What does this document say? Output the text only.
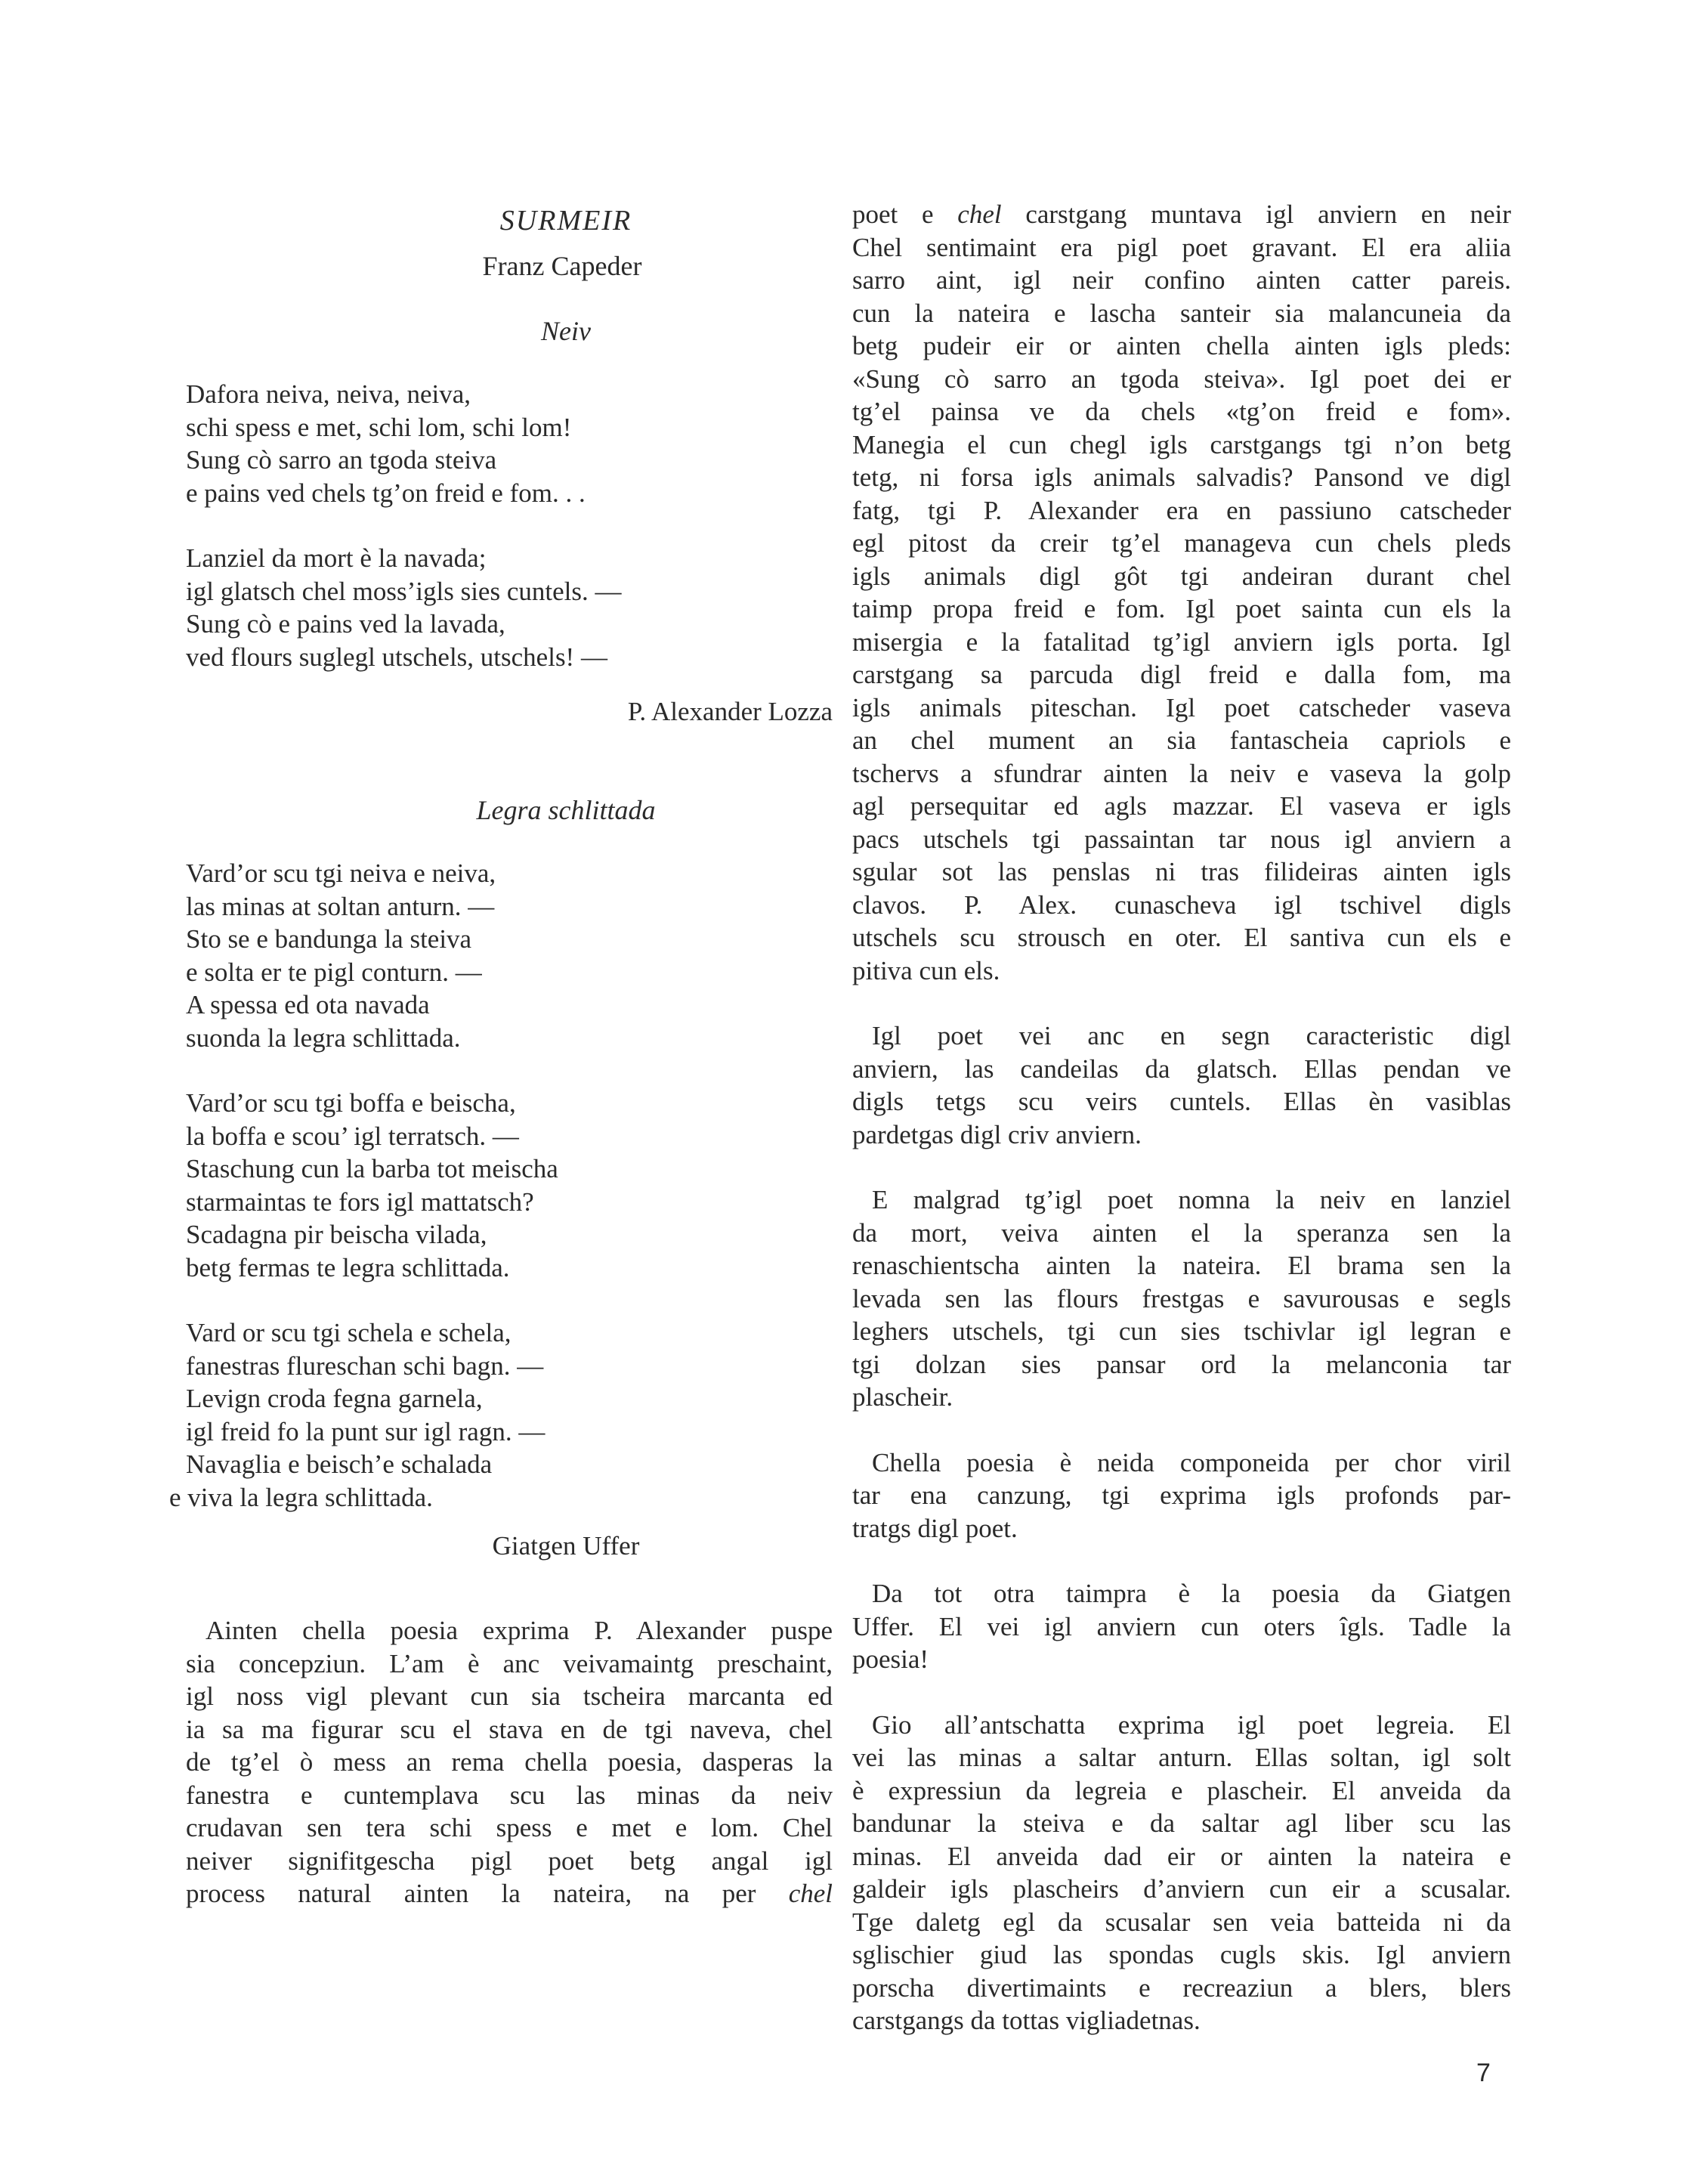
SURMEIR

Franz Capeder

Neiv

Dafora neiva, neiva, neiva,
schi spess e met, schi lom, schi lom!
Sung cò sarro an tgoda steiva
e pains ved chels tg’on freid e fom. . .
Lanziel da mort è la navada;
igl glatsch chel moss’igls sies cuntels. —
Sung cò e pains ved la lavada,
ved flours suglegl utschels, utschels! —

P. Alexander Lozza

Legra schlittada

Vard’or scu tgi neiva e neiva,
las minas at soltan anturn. —
Sto se e bandunga la steiva
e solta er te pigl conturn. —
A spessa ed ota navada
suonda la legra schlittada.
Vard’or scu tgi boffa e beischa,
la boffa e scou’ igl terratsch. —
Staschung cun la barba tot meischa
starmaintas te fors igl mattatsch?
Scadagna pir beischa vilada,
betg fermas te legra schlittada.
Vard or scu tgi schela e schela,
fanestras flureschan schi bagn. —
Levign croda fegna garnela,
igl freid fo la punt sur igl ragn. —
Navaglia e beisch’e schalada
e viva la legra schlittada.

Giatgen Uffer

Ainten chella poesia exprima P. Alexander puspe
sia concepziun. L’am è anc veivamaintg preschaint,
igl noss vigl plevant cun sia tscheira marcanta ed
ia sa ma figurar scu el stava en de tgi naveva, chel
de tg’el ò mess an rema chella poesia, dasperas la
fanestra e cuntemplava scu las minas da neiv
crudavan sen tera schi spess e met e lom. Chel
neiver signifitgescha pigl poet betg angal igl
process natural ainten la nateira, na per chel
poet e chel carstgang muntava igl anviern en neir
Chel sentimaint era pigl poet gravant. El era aliia
sarro aint, igl neir confino ainten catter pareis.
cun la nateira e lascha santeir sia malancuneia da
betg pudeir eir or ainten chella ainten igls pleds:
«Sung cò sarro an tgoda steiva». Igl poet dei er
tg’el painsa ve da chels «tg’on freid e fom».
Manegia el cun chegl igls carstgangs tgi n’on betg
tetg, ni forsa igls animals salvadis? Pansond ve digl
fatg, tgi P. Alexander era en passiuno catscheder
egl pitost da creir tg’el manageva cun chels pleds
igls animals digl gôt tgi andeiran durant chel
taimp propa freid e fom. Igl poet sainta cun els la
misergia e la fatalitad tg’igl anviern igls porta. Igl
carstgang sa parcuda digl freid e dalla fom, ma
igls animals piteschan. Igl poet catscheder vaseva
an chel mument an sia fantascheia capriols e
tschervs a sfundrar ainten la neiv e vaseva la golp
agl persequitar ed agls mazzar. El vaseva er igls
pacs utschels tgi passaintan tar nous igl anviern a
sgular sot las penslas ni tras filideiras ainten igls
clavos. P. Alex. cunascheva igl tschivel digls
utschels scu strousch en oter. El santiva cun els e
pitiva cun els.
Igl poet vei anc en segn caracteristic digl
anviern, las candeilas da glatsch. Ellas pendan ve
digls tetgs scu veirs cuntels. Ellas èn vasiblas
pardetgas digl criv anviern.
E malgrad tg’igl poet nomna la neiv en lanziel
da mort, veiva ainten el la speranza sen la
renaschientscha ainten la nateira. El brama sen la
levada sen las flours frestgas e savurousas e segls
leghers utschels, tgi cun sies tschivlar igl legran e
tgi dolzan sies pansar ord la melanconia tar
plascheir.
Chella poesia è neida componeida per chor viril
tar ena canzung, tgi exprima igls profonds par-
tratgs digl poet.
Da tot otra taimpra è la poesia da Giatgen
Uffer. El vei igl anviern cun oters îgls. Tadle la
poesia!
Gio all’antschatta exprima igl poet legreia. El
vei las minas a saltar anturn. Ellas soltan, igl solt
è expressiun da legreia e plascheir. El anveida da
bandunar la steiva e da saltar agl liber scu las
minas. El anveida dad eir or ainten la nateira e
galdeir igls plascheirs d’anviern cun eir a scusalar.
Tge daletg egl da scusalar sen veia batteida ni da
sglischier giud las spondas cugls skis. Igl anviern
porscha divertimaints e recreaziun a blers, blers
carstgangs da tottas vigliadetnas.
7
